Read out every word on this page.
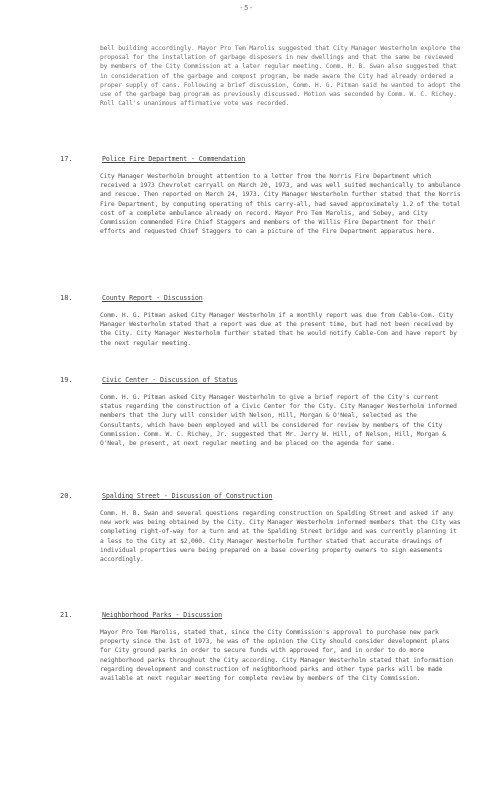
-5-
bell building accordingly. Mayor Pro Tem Marolis suggested that City Manager Westerholm explore the proposal for the installation of garbage disposers in new dwellings and that the same be reviewed by members of the City Commission at a later regular meeting. Comm. H. B. Swan also suggested that in consideration of the garbage and compost program, be made aware the City had already ordered a proper supply of cans. Following a brief discussion, Comm. H. G. Pitman said he wanted to adopt the use of the garbage bag program as previously discussed. Motion was seconded by Comm. W. C. Richey. Roll Call's unanimous affirmative vote was recorded.
17.	Police Fire Department - Commendation
City Manager Westerholm brought attention to a letter from the Norris Fire Department which received a 1973 Chevrolet carryall on March 20, 1973, and was well suited mechanically to ambulance and rescue. Then reported on March 24, 1973. City Manager Westerholm further stated that the Norris Fire Department, by computing operating of this carry-all, had saved approximately 1.2 of the total cost of a complete ambulance already on record. Mayor Pro Tem Marolis, and Sobey, and City Commission commended Fire Chief Staggers and members of the Willis Fire Department for their efforts and requested Chief Staggers to can a picture of the Fire Department apparatus here.
18.	County Report - Discussion
Comm. H. G. Pitman asked City Manager Westerholm if a monthly report was due from Cable-Com. City Manager Westerholm stated that a report was due at the present time, but had not been received by the City. City Manager Westerholm further stated that he would notify Cable-Com and have report by the next regular meeting.
19.	Civic Center - Discussion of Status
Comm. H. G. Pitman asked City Manager Westerholm to give a brief report of the City's current status regarding the construction of a Civic Center for the City. City Manager Westerholm informed members that the Jury will consider with Nelson, Hill, Morgan & O'Neal, selected as the Consultants, which have been employed and will be considered for review by members of the City Commission. Comm. W. C. Richey, Jr. suggested that Mr. Jerry W. Hill, of Nelson, Hill, Morgan & O'Neal, be present, at next regular meeting and be placed on the agenda for same.
20.	Spalding Street - Discussion of Construction
Comm. H. B. Swan and several questions regarding construction on Spalding Street and asked if any new work was being obtained by the City. City Manager Westerholm informed members that the City was completing right-of-way for a turn and at the Spalding Street bridge and was currently planning it a less to the City at $2,000. City Manager Westerholm further stated that accurate drawings of individual properties were being prepared on a base covering property owners to sign easements accordingly.
21.	Neighborhood Parks - Discussion
Mayor Pro Tem Marolis, stated that, since the City Commission's approval to purchase new park property since the 1st of 1973, he was of the opinion the City should consider development plans for City ground parks in order to secure funds with approved for, and in order to do more neighborhood parks throughout the City according. City Manager Westerholm stated that information regarding development and construction of neighborhood parks and other type parks will be made available at next regular meeting for complete review by members of the City Commission.
